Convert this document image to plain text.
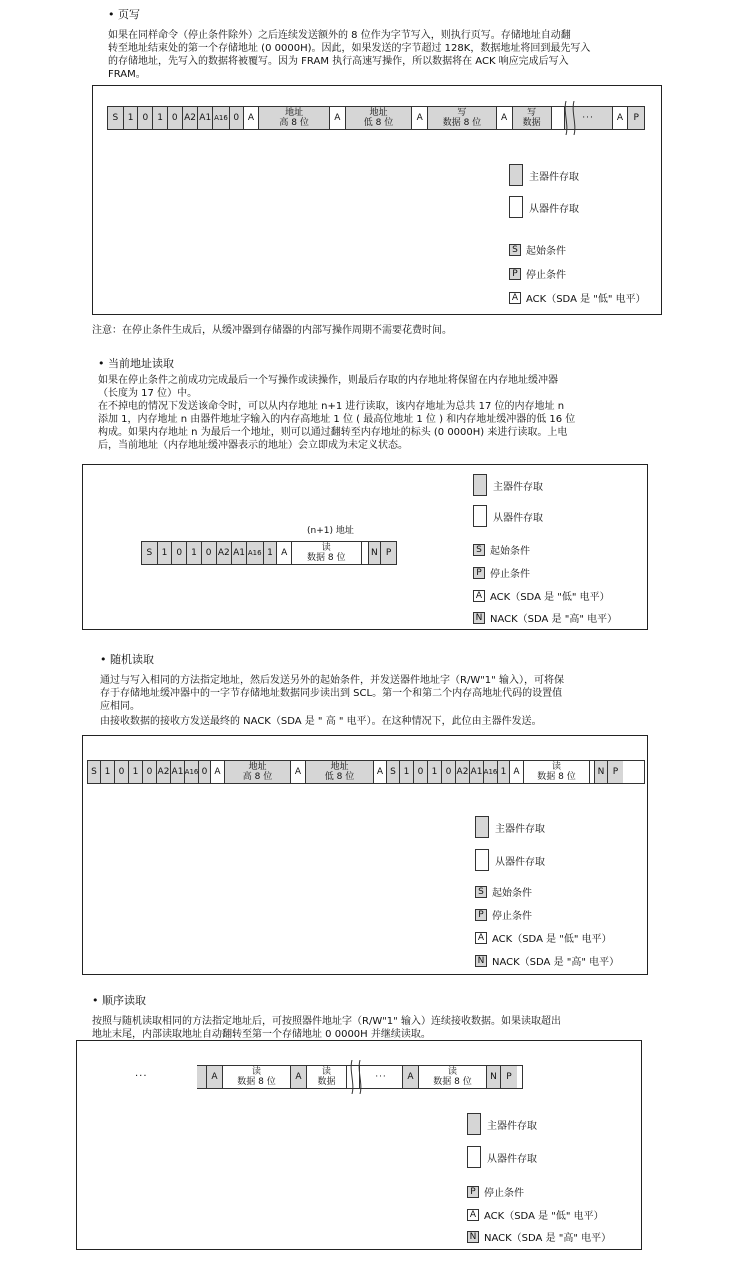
• 页写
如果在同样命令（停止条件除外）之后连续发送额外的 8 位作为字节写入，则执行页写。存储地址自动翻
转至地址结束处的第一个存储地址 (0 0000H)。因此，如果发送的字节超过 128K，数据地址将回到最先写入
的存储地址，先写入的数据将被覆写。因为 FRAM 执行高速写操作，所以数据将在 ACK 响应完成后写入
FRAM。
S	1	0	1	0 A2 A1 A16 0 A	地址
高 8 位	A	地址
低 8 位	A	写
数据 8 位	A	写
数据	···	A	P
主器件存取
从器件存取
S 起始条件
P 停止条件
A ACK（SDA 是 "低" 电平）
注意：在停止条件生成后，从缓冲器到存储器的内部写操作周期不需要花费时间。
• 当前地址读取
如果在停止条件之前成功完成最后一个写操作或读操作，则最后存取的内存地址将保留在内存地址缓冲器
（长度为 17 位）中。
在不掉电的情况下发送该命令时，可以从内存地址 n+1 进行读取，该内存地址为总共 17 位的内存地址 n
添加 1，内存地址 n 由器件地址字输入的内存高地址 1 位 ( 最高位地址 1 位 ) 和内存地址缓冲器的低 16 位
构成。如果内存地址 n 为最后一个地址，则可以通过翻转至内存地址的标头 (0 0000H) 来进行读取。上电
后，当前地址（内存地址缓冲器表示的地址）会立即成为未定义状态。
(n+1) 地址
S	1 0 1 0 A2 A1 A16 1 A	读
数据 8 位	N P
主器件存取
从器件存取
S 起始条件
P 停止条件
A ACK（SDA 是 "低" 电平）
N NACK（SDA 是 "高" 电平）
• 随机读取
通过与写入相同的方法指定地址，然后发送另外的起始条件，并发送器件地址字（R/W"1" 输入），可将保
存于存储地址缓冲器中的一字节存储地址数据同步读出到 SCL。第一个和第二个内存高地址代码的设置值
应相同。
由接收数据的接收方发送最终的 NACK（SDA 是 " 高 " 电平）。在这种情况下，此位由主器件发送。
S 1 0 1 0 A2 A1 A16 0 A	地址
高 8 位	A	地址
低 8 位	A S 1 0 1 0 A2 A1 A16 1 A	读
数据 8 位	N P
主器件存取
从器件存取
S 起始条件
P 停止条件
A ACK（SDA 是 "低" 电平）
N NACK（SDA 是 "高" 电平）
• 顺序读取
按照与随机读取相同的方法指定地址后，可按照器件地址字（R/W"1" 输入）连续接收数据。如果读取超出
地址末尾，内部读取地址自动翻转至第一个存储地址 0 0000H 并继续读取。
···	A	读
数据 8 位	A	读
数据	···	A	读
数据 8 位	N	P
主器件存取
从器件存取
P 停止条件
A ACK（SDA 是 "低" 电平）
N NACK（SDA 是 "高" 电平）
